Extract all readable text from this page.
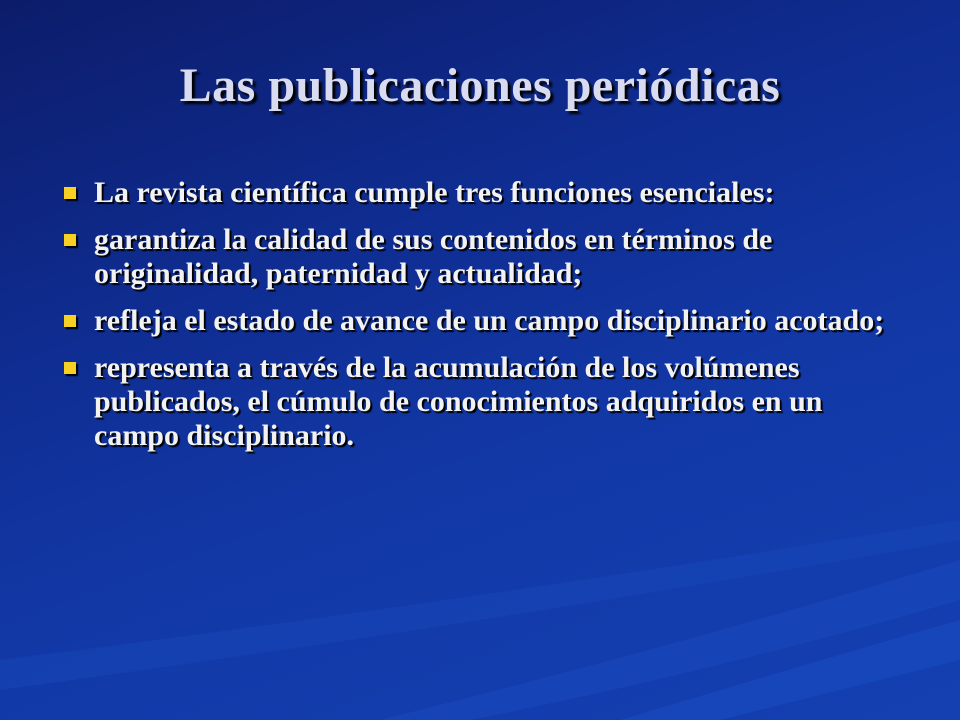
Las publicaciones periódicas
La revista científica cumple tres funciones esenciales:
garantiza la calidad de sus contenidos en términos de originalidad, paternidad y actualidad;
refleja el estado de avance de un campo disciplinario acotado;
representa a través de la acumulación de los volúmenes publicados, el cúmulo de conocimientos adquiridos en un campo disciplinario.
